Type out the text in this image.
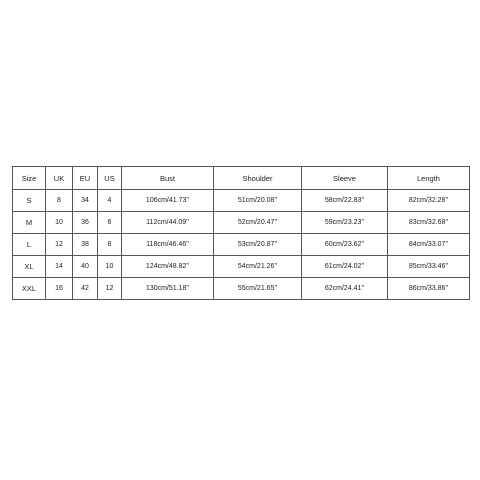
Size	UK	EU	US	Bust	Shoulder	Sleeve	Length
S	8	34	4	106cm/41.73''	51cm/20.08''	58cm/22.83''	82cm/32.28''
M	10	36	6	112cm/44.09''	52cm/20.47''	59cm/23.23''	83cm/32.68''
L	12	38	8	118cm/46.46''	53cm/20.87''	60cm/23.62''	84cm/33.07''
XL	14	40	10	124cm/48.82''	54cm/21.26''	61cm/24.02''	85cm/33.46''
XXL	16	42	12	130cm/51.18''	55cm/21.65''	62cm/24.41''	86cm/33.86''
